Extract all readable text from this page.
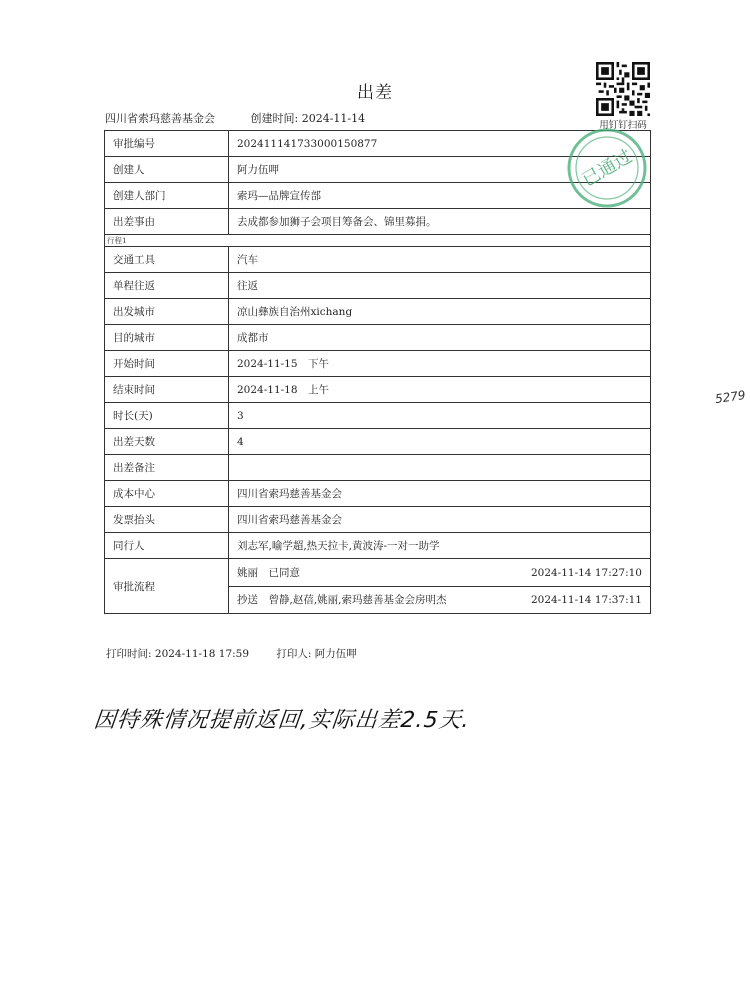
出差
四川省索玛慈善基金会	创建时间: 2024-11-14
用钉钉扫码
审批编号	202411141733000150877
创建人	阿力伍呷
创建人部门	索玛—品牌宣传部
出差事由	去成都参加狮子会项目筹备会、锦里募捐。
行程1	
交通工具	汽车
单程往返	往返
出发城市	凉山彝族自治州xichang
目的城市	成都市
开始时间	2024-11-15　下午
结束时间	2024-11-18　上午
时长(天)	3
出差天数	4
出差备注	
成本中心	四川省索玛慈善基金会
发票抬头	四川省索玛慈善基金会
同行人	刘志军,喻学超,热天拉卡,黄波涛-一对一助学
审批流程	姚丽　已同意 2024-11-14 17:27:10
抄送　曾静,赵蓓,姚丽,索玛慈善基金会房明杰 2024-11-14 17:37:11
已通过
打印时间: 2024-11-18 17:59	打印人: 阿力伍呷
因特殊情况提前返回,实际出差2.5天.
5279
